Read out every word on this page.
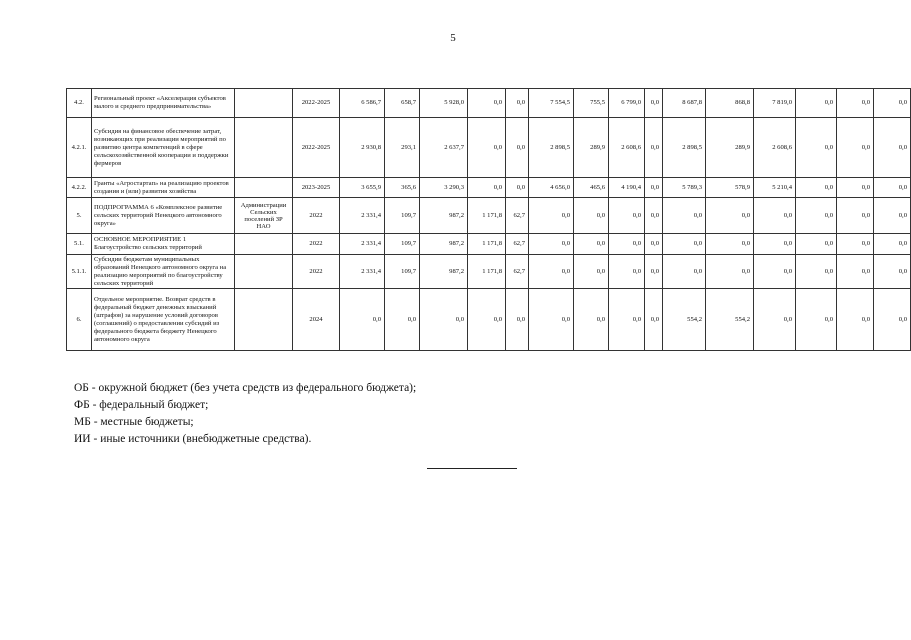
5
4.2.	Региональный проект «Акселерация субъектов малого и среднего предпринимательства»		2022-2025	6 586,7	658,7	5 928,0	0,0	0,0	7 554,5	755,5	6 799,0	0,0	8 687,8	868,8	7 819,0	0,0	0,0	0,0
4.2.1.	Субсидия на финансовое обеспечение затрат, возникающих при реализации мероприятий по развитию центра компетенций в сфере сельскохозяйственной кооперации и поддержки фермеров		2022-2025	2 930,8	293,1	2 637,7	0,0	0,0	2 898,5	289,9	2 608,6	0,0	2 898,5	289,9	2 608,6	0,0	0,0	0,0
4.2.2.	Гранты «Агростартап» на реализацию проектов создания и (или) развития хозяйства		2023-2025	3 655,9	365,6	3 290,3	0,0	0,0	4 656,0	465,6	4 190,4	0,0	5 789,3	578,9	5 210,4	0,0	0,0	0,0
5.	ПОДПРОГРАММА 6 «Комплексное развитие сельских территорий Ненецкого автономного округа»	Администрации Сельских поселений ЗР НАО	2022	2 331,4	109,7	987,2	1 171,8	62,7	0,0	0,0	0,0	0,0	0,0	0,0	0,0	0,0	0,0	0,0
5.1.	ОСНОВНОЕ МЕРОПРИЯТИЕ 1 Благоустройство сельских территорий		2022	2 331,4	109,7	987,2	1 171,8	62,7	0,0	0,0	0,0	0,0	0,0	0,0	0,0	0,0	0,0	0,0
5.1.1.	Субсидии бюджетам муниципальных образований Ненецкого автономного округа на реализацию мероприятий по благоустройству сельских территорий		2022	2 331,4	109,7	987,2	1 171,8	62,7	0,0	0,0	0,0	0,0	0,0	0,0	0,0	0,0	0,0	0,0
6.	Отдельное мероприятие. Возврат средств в федеральный бюджет денежных взысканий (штрафов) за нарушение условий договоров (соглашений) о предоставлении субсидий из федерального бюджета бюджету Ненецкого автономного округа		2024	0,0	0,0	0,0	0,0	0,0	0,0	0,0	0,0	0,0	554,2	554,2	0,0	0,0	0,0	0,0
ОБ - окружной бюджет (без учета средств из федерального бюджета);
ФБ - федеральный бюджет;
МБ - местные бюджеты;
ИИ - иные источники (внебюджетные средства).
